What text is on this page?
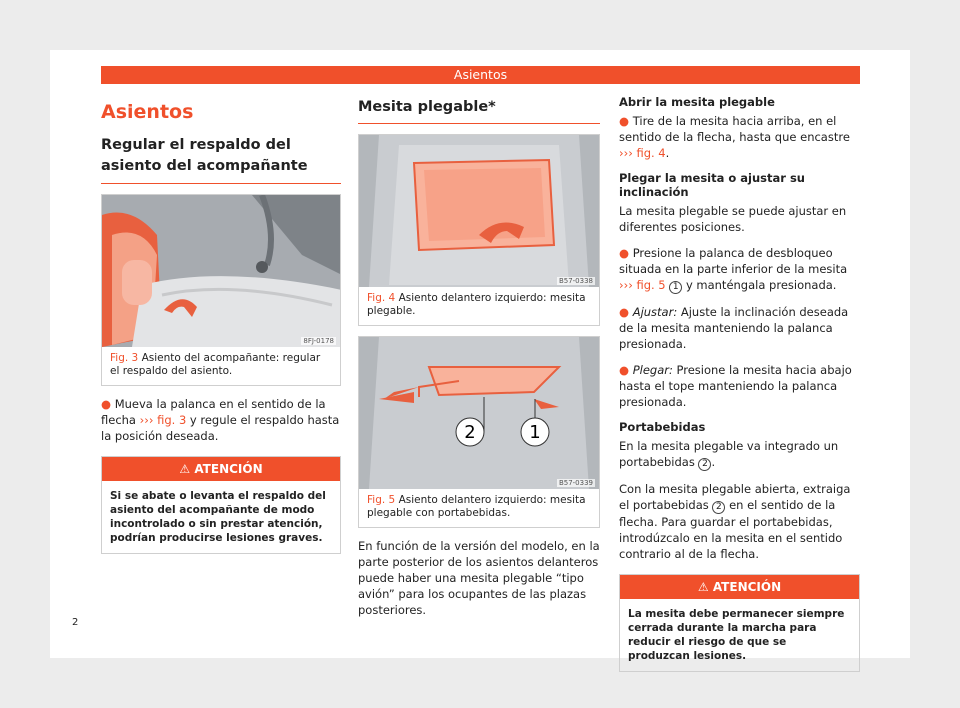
Asientos
Asientos
Regular el respaldo del asiento del acompañante
8FJ-0178
Fig. 3 Asiento del acompañante: regular el respaldo del asiento.

● Mueva la palanca en el sentido de la flecha ››› fig. 3 y regule el respaldo hasta la posición deseada.

⚠ ATENCIÓN
Si se abate o levanta el respaldo del asiento del acompañante de modo incontrolado o sin prestar atención, podrían producirse lesiones graves.
Mesita plegable*
B57-0338
Fig. 4 Asiento delantero izquierdo: mesita plegable.
2	1
B57-0339
Fig. 5 Asiento delantero izquierdo: mesita plegable con portabebidas.

En función de la versión del modelo, en la parte posterior de los asientos delanteros puede haber una mesita plegable “tipo avión” para los ocupantes de las plazas posteriores.

Abrir la mesita plegable

● Tire de la mesita hacia arriba, en el sentido de la flecha, hasta que encastre ››› fig. 4.

Plegar la mesita o ajustar su inclinación

La mesita plegable se puede ajustar en diferentes posiciones.

● Presione la palanca de desbloqueo situada en la parte inferior de la mesita ››› fig. 5 1 y manténgala presionada.

● Ajustar: Ajuste la inclinación deseada de la mesita manteniendo la palanca presionada.

● Plegar: Presione la mesita hacia abajo hasta el tope manteniendo la palanca presionada.

Portabebidas

En la mesita plegable va integrado un portabebidas 2 .

Con la mesita plegable abierta, extraiga el portabebidas 2 en el sentido de la flecha. Para guardar el portabebidas, introdúzcalo en la mesita en el sentido contrario al de la flecha.

⚠ ATENCIÓN
La mesita debe permanecer siempre cerrada durante la marcha para reducir el riesgo de que se produzcan lesiones.
2
